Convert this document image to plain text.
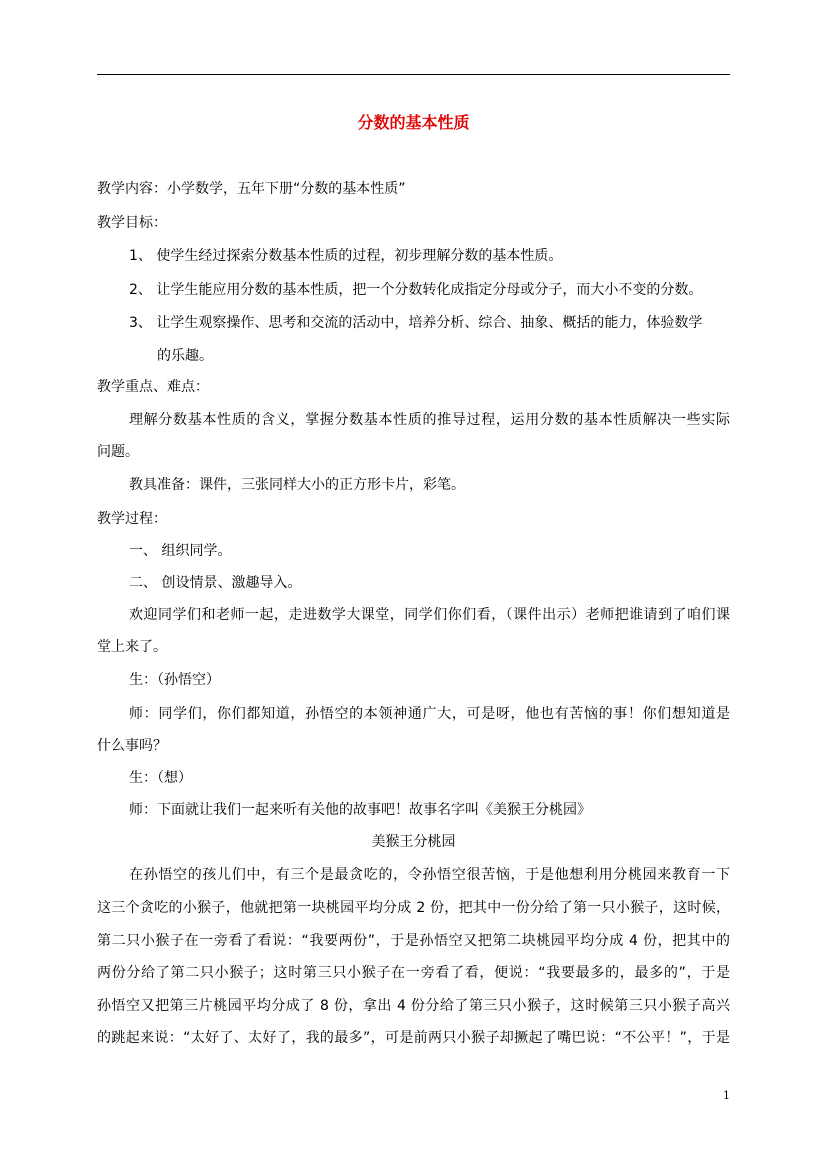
分数的基本性质
教学内容：小学数学，五年下册“分数的基本性质”
教学目标：
1、 使学生经过探索分数基本性质的过程，初步理解分数的基本性质。
2、 让学生能应用分数的基本性质，把一个分数转化成指定分母或分子，而大小不变的分数。
3、 让学生观察操作、思考和交流的活动中，培养分析、综合、抽象、概括的能力，体验数学
的乐趣。
教学重点、难点：
理解分数基本性质的含义，掌握分数基本性质的推导过程，运用分数的基本性质解决一些实际
问题。
教具准备：课件，三张同样大小的正方形卡片，彩笔。
教学过程：
一、 组织同学。
二、 创设情景、激趣导入。
欢迎同学们和老师一起，走进数学大课堂，同学们你们看，（课件出示）老师把谁请到了咱们课
堂上来了。
生：（孙悟空）
师：同学们，你们都知道，孙悟空的本领神通广大，可是呀，他也有苦恼的事！你们想知道是
什么事吗？
生：（想）
师：下面就让我们一起来听有关他的故事吧！故事名字叫《美猴王分桃园》
美猴王分桃园
在孙悟空的孩儿们中，有三个是最贪吃的，令孙悟空很苦恼，于是他想利用分桃园来教育一下
这三个贪吃的小猴子，他就把第一块桃园平均分成 2 份，把其中一份分给了第一只小猴子，这时候，
第二只小猴子在一旁看了看说：“我要两份”，于是孙悟空又把第二块桃园平均分成 4 份，把其中的
两份分给了第二只小猴子；这时第三只小猴子在一旁看了看，便说：“我要最多的，最多的”，于是
孙悟空又把第三片桃园平均分成了 8 份，拿出 4 份分给了第三只小猴子，这时候第三只小猴子高兴
的跳起来说：“太好了、太好了，我的最多”，可是前两只小猴子却撅起了嘴巴说：“不公平！”，于是
1
